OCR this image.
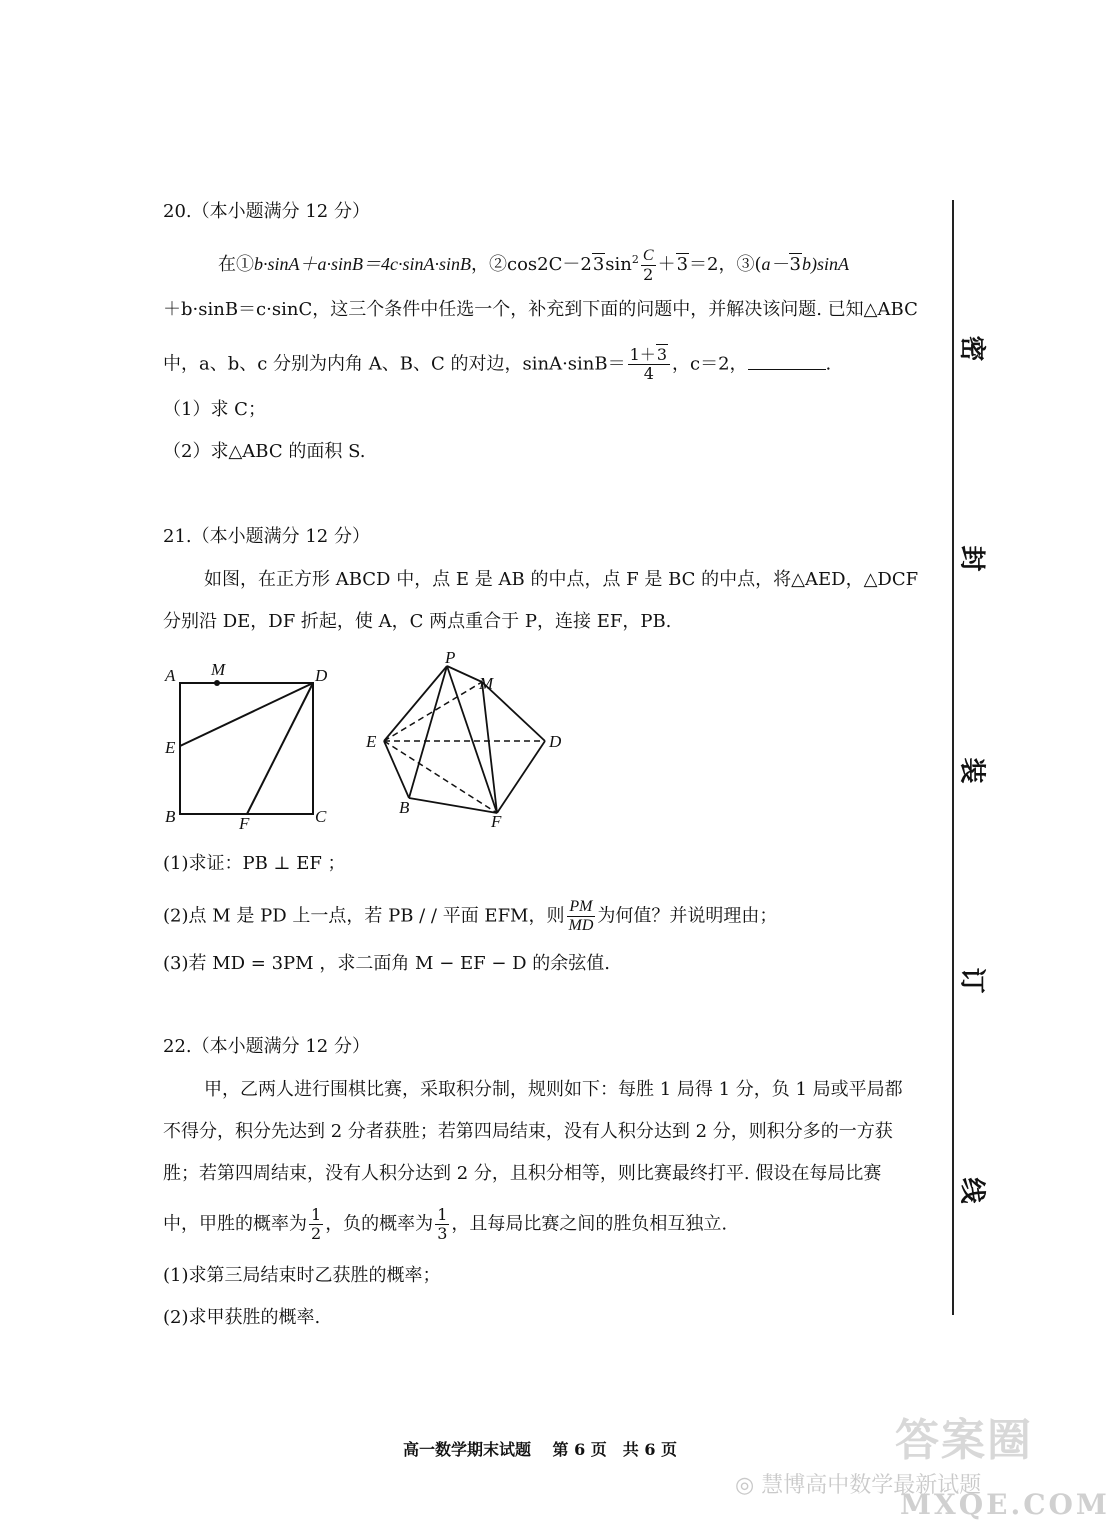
20.（本小题满分 12 分）
在①b·sinA＋a·sinB＝4c·sinA·sinB，$②\cos 2C-23\sin^2 \frac{C}{2} +3=2$，③(a－3b)sinA
＋b·sinB＝c·sinC，这三个条件中任选一个，补充到下面的问题中，并解决该问题. 已知△ABC
中，a、b、c 分别为内角 A、B、C 的对边，$\sin A\cdot\sin B= \frac{1+3}{4}$ ，c＝2，	.
（1）求 C；
（2）求△ABC 的面积 S.
21.（本小题满分 12 分）
如图，在正方形 ABCD 中，点 E 是 AB 的中点，点 F 是 BC 的中点，将△AED，△DCF
分别沿 DE，DF 折起，使 A，C 两点重合于 P，连接 EF，PB.
A M	D
E
B	F	C
P
M
E	D
B
F
(1)求证：PB ⊥ EF ；
(2)点 M 是 PD 上一点，若 PB / / 平面 EFM，则 $\frac{PM}{MD}$ 为何值？并说明理由；
(3)若 MD = 3PM ，求二面角 M − EF − D 的余弦值.
22.（本小题满分 12 分）
甲，乙两人进行围棋比赛，采取积分制，规则如下：每胜 1 局得 1 分，负 1 局或平局都
不得分，积分先达到 2 分者获胜；若第四局结束，没有人积分达到 2 分，则积分多的一方获
胜；若第四周结束，没有人积分达到 2 分，且积分相等，则比赛最终打平. 假设在每局比赛
中，甲胜的概率为 $\frac{1}{2}$ ，负的概率为 $\frac{1}{3}$ ，且每局比赛之间的胜负相互独立.
(1)求第三局结束时乙获胜的概率；
(2)求甲获胜的概率.
密
封
装
订
线
高一数学期末试题　 第 6 页　共 6 页	答案圈
◎ 慧博高中数学最新试题
MXQE.COM
